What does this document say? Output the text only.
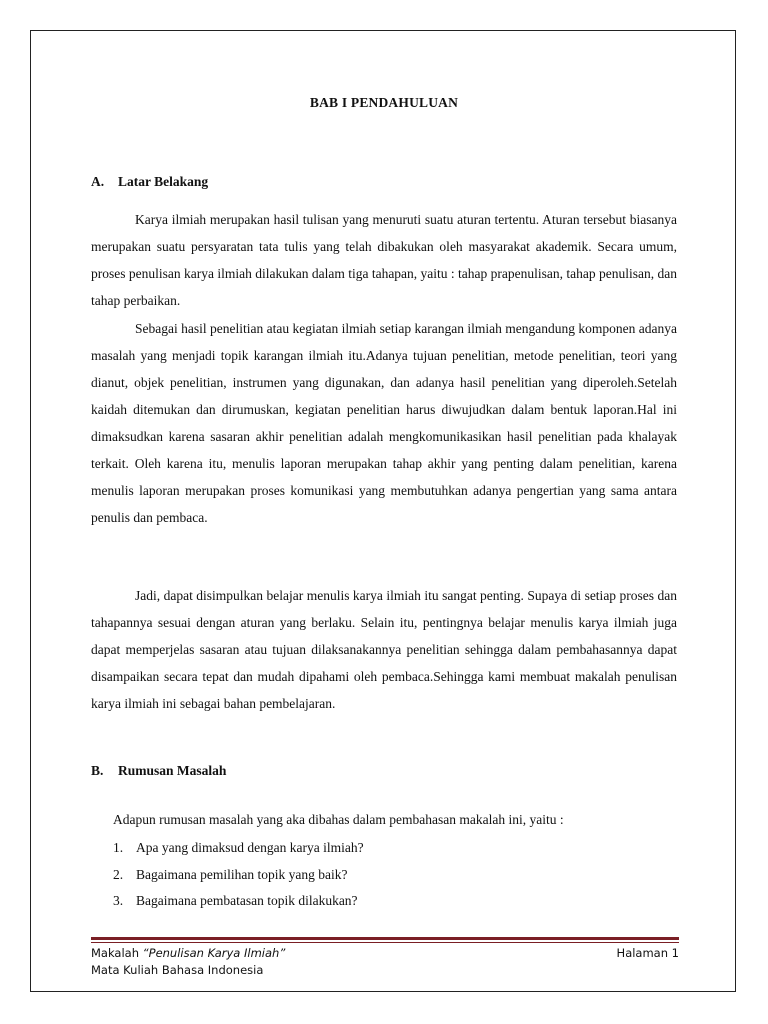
BAB I PENDAHULUAN
A. Latar Belakang

Karya ilmiah merupakan hasil tulisan yang menuruti suatu aturan tertentu. Aturan tersebut biasanya merupakan suatu persyaratan tata tulis yang telah dibakukan oleh masyarakat akademik. Secara umum, proses penulisan karya ilmiah dilakukan dalam tiga tahapan, yaitu : tahap prapenulisan, tahap penulisan, dan tahap perbaikan.

Sebagai hasil penelitian atau kegiatan ilmiah setiap karangan ilmiah mengandung komponen adanya masalah yang menjadi topik karangan ilmiah itu.Adanya tujuan penelitian, metode penelitian, teori yang dianut, objek penelitian, instrumen yang digunakan, dan adanya hasil penelitian yang diperoleh.Setelah kaidah ditemukan dan dirumuskan, kegiatan penelitian harus diwujudkan dalam bentuk laporan.Hal ini dimaksudkan karena sasaran akhir penelitian adalah mengkomunikasikan hasil penelitian pada khalayak terkait. Oleh karena itu, menulis laporan merupakan tahap akhir yang penting dalam penelitian, karena menulis laporan merupakan proses komunikasi yang membutuhkan adanya pengertian yang sama antara penulis dan pembaca.

Jadi, dapat disimpulkan belajar menulis karya ilmiah itu sangat penting. Supaya di setiap proses dan tahapannya sesuai dengan aturan yang berlaku. Selain itu, pentingnya belajar menulis karya ilmiah juga dapat memperjelas sasaran atau tujuan dilaksanakannya penelitian sehingga dalam pembahasannya dapat disampaikan secara tepat dan mudah dipahami oleh pembaca.Sehingga kami membuat makalah penulisan karya ilmiah ini sebagai bahan pembelajaran.

B. Rumusan Masalah
Adapun rumusan masalah yang aka dibahas dalam pembahasan makalah ini, yaitu :
1. Apa yang dimaksud dengan karya ilmiah?
2. Bagaimana pemilihan topik yang baik?
3. Bagaimana pembatasan topik dilakukan?
Makalah “Penulisan Karya Ilmiah”	Halaman 1
Mata Kuliah Bahasa Indonesia
